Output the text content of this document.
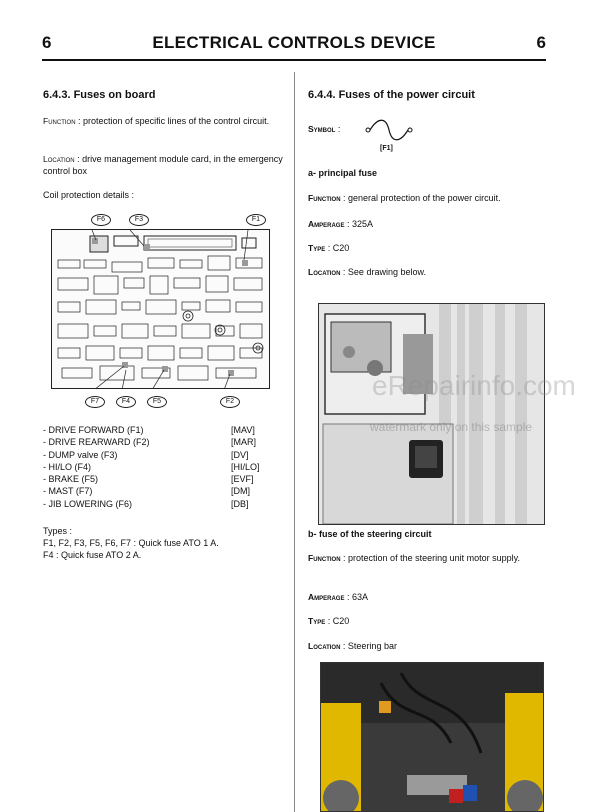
6	ELECTRICAL CONTROLS DEVICE	6
6.4.3. Fuses on board
Function : protection of specific lines of the control circuit.
Location : drive management module card, in the emergency control box
Coil protection details :
F6	F3	F1
F7	F4	F5	F2
- DRIVE FORWARD (F1)	[MAV]
- DRIVE REARWARD (F2)	[MAR]
- DUMP valve (F3)	[DV]
- HI/LO (F4)	[HI/LO]
- BRAKE (F5)	[EVF]
- MAST (F7)	[DM]
- JIB LOWERING (F6)	[DB]
Types :
F1, F2, F3, F5, F6, F7 : Quick fuse ATO 1 A.
F4 : Quick fuse ATO 2 A.
6.4.4. Fuses of the power circuit
Symbol :
[F1]
a- principal fuse
Function : general protection of the power circuit.
Amperage : 325A
Type : C20
Location : See drawing below.
b- fuse of the steering circuit
Function : protection of the steering unit motor supply.
Amperage : 63A
Type : C20
Location : Steering bar
eRepairinfo.com
watermark only on this sample
